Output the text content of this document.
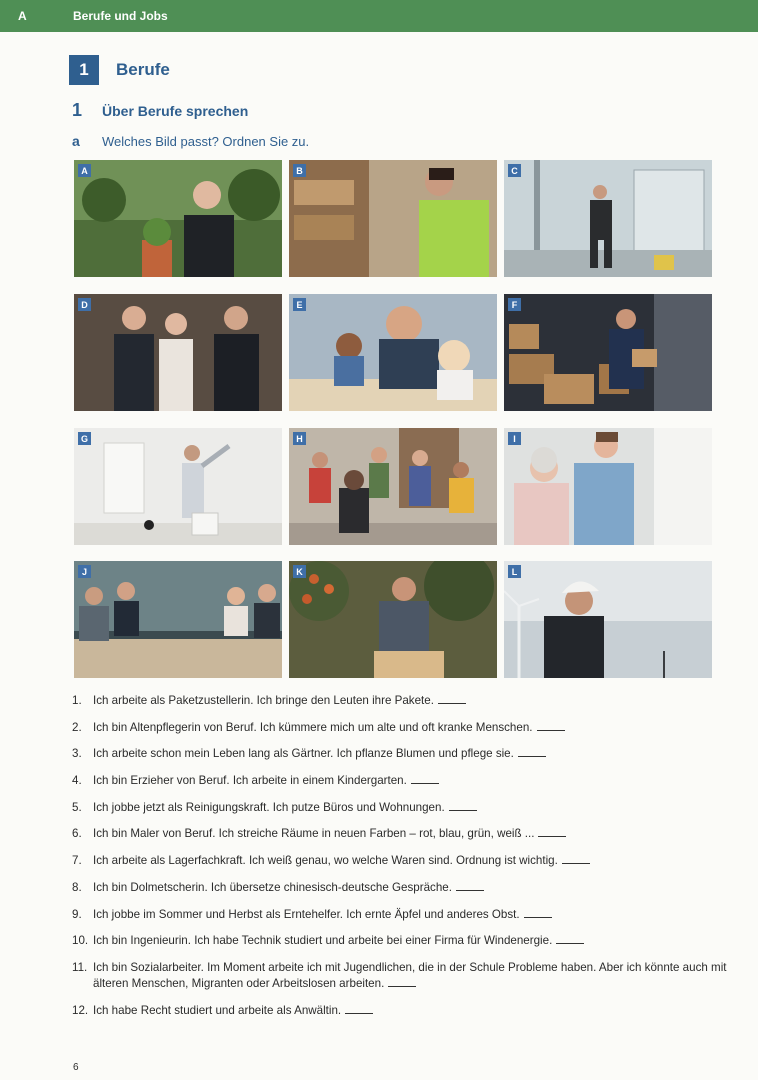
A	Berufe und Jobs
1	Berufe
1	Über Berufe sprechen
a	Welches Bild passt? Ordnen Sie zu.
A	B	C
D	E	F
G	H	I
J	K	L
1. Ich arbeite als Paketzustellerin. Ich bringe den Leuten ihre Pakete.
2. Ich bin Altenpflegerin von Beruf. Ich kümmere mich um alte und oft kranke Menschen.
3. Ich arbeite schon mein Leben lang als Gärtner. Ich pflanze Blumen und pflege sie.
4. Ich bin Erzieher von Beruf. Ich arbeite in einem Kindergarten.
5. Ich jobbe jetzt als Reinigungskraft. Ich putze Büros und Wohnungen.
6. Ich bin Maler von Beruf. Ich streiche Räume in neuen Farben – rot, blau, grün, weiß ...
7. Ich arbeite als Lagerfachkraft. Ich weiß genau, wo welche Waren sind. Ordnung ist wichtig.
8. Ich bin Dolmetscherin. Ich übersetze chinesisch-deutsche Gespräche.
9. Ich jobbe im Sommer und Herbst als Erntehelfer. Ich ernte Äpfel und anderes Obst.
10. Ich bin Ingenieurin. Ich habe Technik studiert und arbeite bei einer Firma für Windenergie.
11. Ich bin Sozialarbeiter. Im Moment arbeite ich mit Jugendlichen, die in der Schule Probleme haben. Aber ich könnte auch mit älteren Menschen, Migranten oder Arbeitslosen arbeiten.
12. Ich habe Recht studiert und arbeite als Anwältin.
6
